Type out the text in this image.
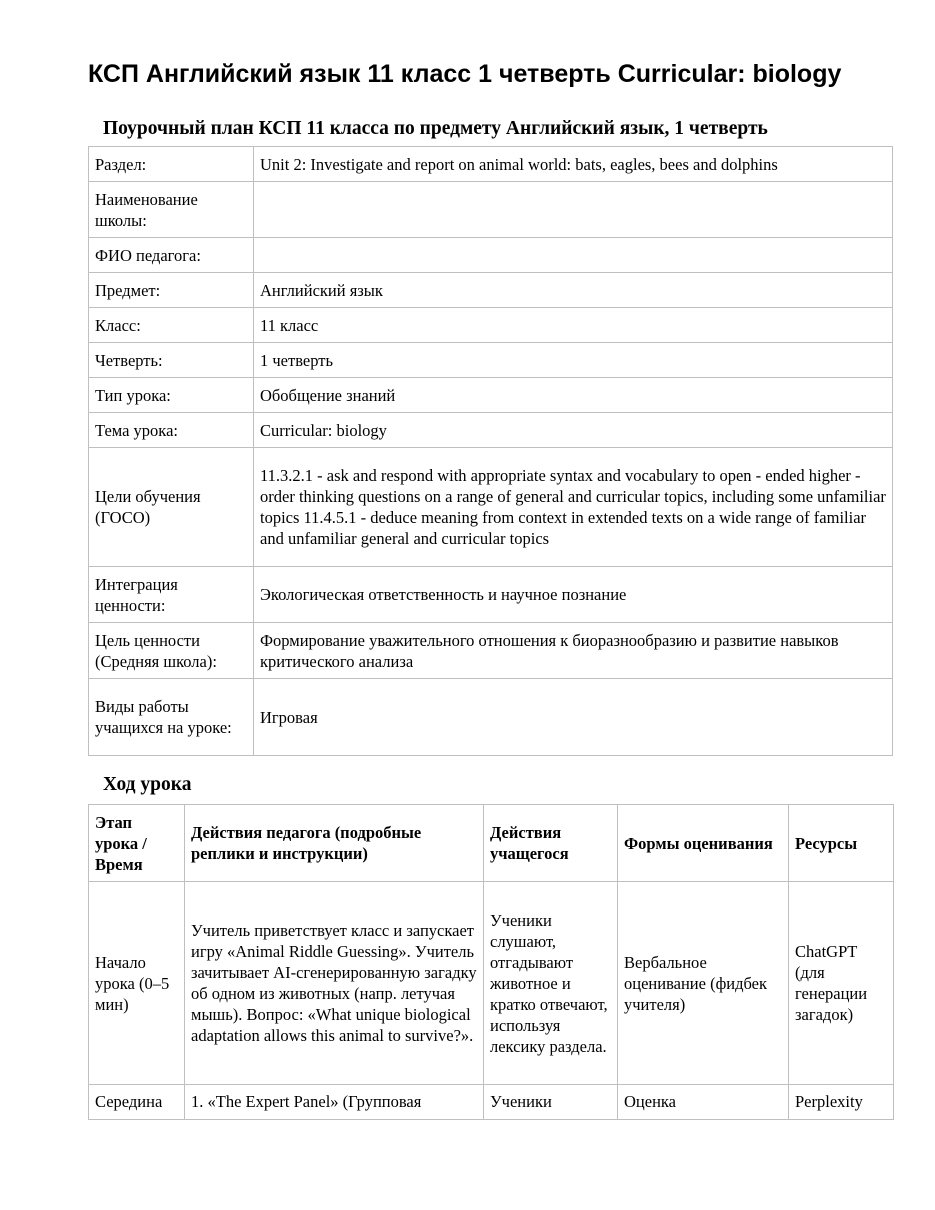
КСП Английский язык 11 класс 1 четверть Curricular: biology
Поурочный план КСП 11 класса по предмету Английский язык, 1 четверть
Раздел:	Unit 2: Investigate and report on animal world: bats, eagles, bees and dolphins
Наименование школы:	
ФИО педагога:	
Предмет:	Английский язык
Класс:	11 класс
Четверть:	1 четверть
Тип урока:	Обобщение знаний
Тема урока:	Curricular: biology
Цели обучения (ГОСО)	11.3.2.1 - ask and respond with appropriate syntax and vocabulary to open - ended higher -order thinking questions on a range of general and curricular topics, including some unfamiliar topics 11.4.5.1 - deduce meaning from context in extended texts on a wide range of familiar and unfamiliar general and curricular topics
Интеграция ценности:	Экологическая ответственность и научное познание
Цель ценности (Средняя школа):	Формирование уважительного отношения к биоразнообразию и развитие навыков критического анализа
Виды работы учащихся на уроке:	Игровая
Ход урока
Этап урока / Время	Действия педагога (подробные реплики и инструкции)	Действия учащегося	Формы оценивания	Ресурсы
Начало урока (0–5 мин)	Учитель приветствует класс и запускает игру «Animal Riddle Guessing». Учитель зачитывает AI-сгенерированную загадку об одном из животных (напр. летучая мышь). Вопрос: «What unique biological adaptation allows this animal to survive?».	Ученики слушают, отгадывают животное и кратко отвечают, используя лексику раздела.	Вербальное оценивание (фидбек учителя)	ChatGPT (для генерации загадок)
Середина	1. «The Expert Panel» (Групповая	Ученики	Оценка	Perplexity
